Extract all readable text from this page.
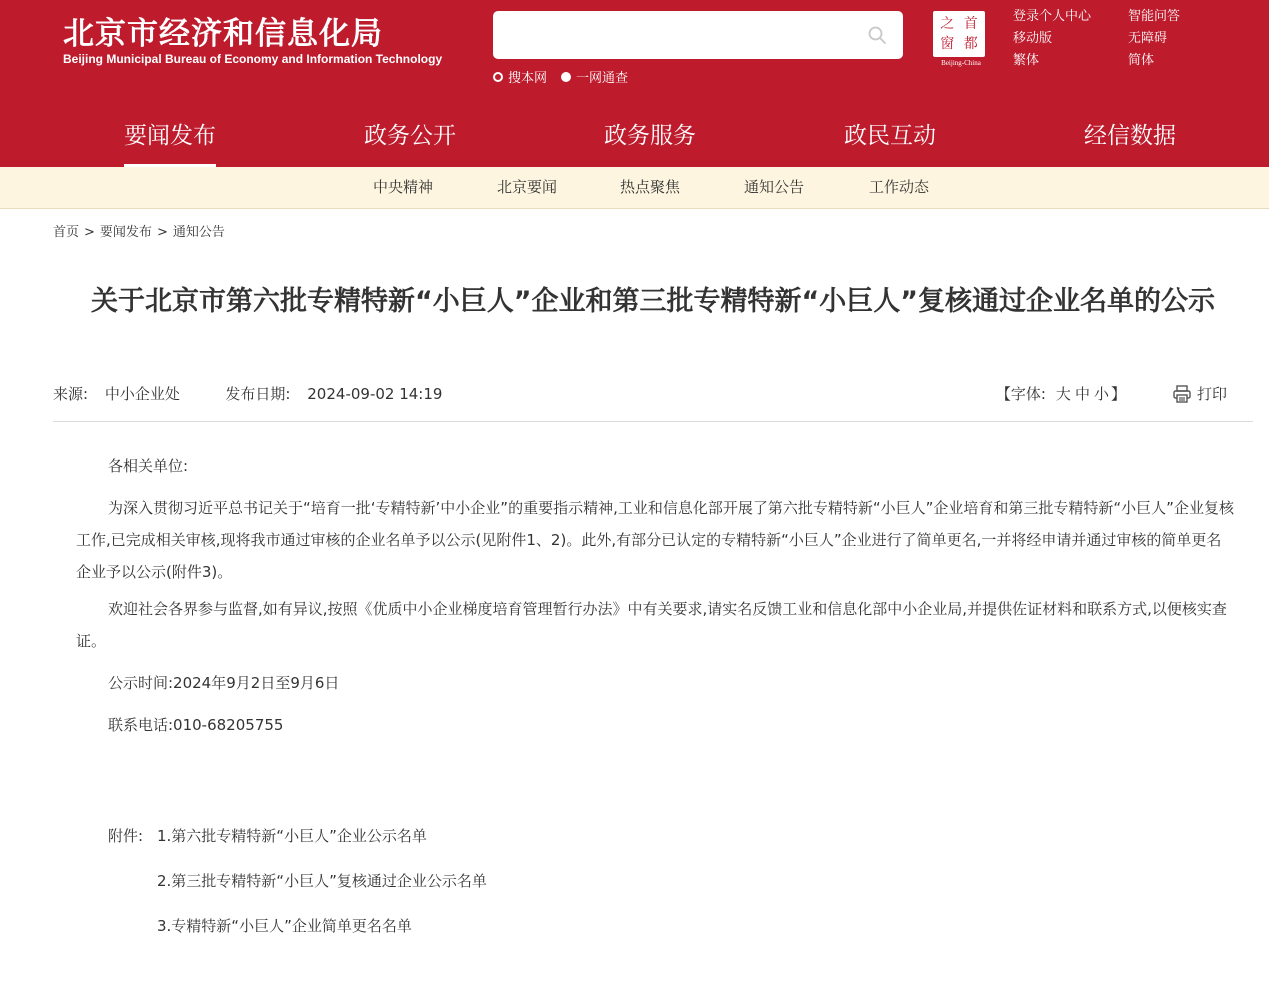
北京市经济和信息化局
Beijing Municipal Bureau of Economy and Information Technology
搜本网 一网通查
之 首
窗 都
Beijing-China
登录个人中心	智能问答
移动版	无障碍
繁体	简体
要闻发布	政务公开	政务服务	政民互动	经信数据
中央精神	北京要闻	热点聚焦	通知公告	工作动态
首页 > 要闻发布 > 通知公告
关于北京市第六批专精特新“小巨人”企业和第三批专精特新“小巨人”复核通过企业名单的公示
来源: 中小企业处	发布日期: 2024-09-02 14:19	【字体: 大 中 小 】	打印

各相关单位:

为深入贯彻习近平总书记关于“培育一批‘专精特新’中小企业”的重要指示精神,工业和信息化部开展了第六批专精特新“小巨人”企业培育和第三批专精特新“小巨人”企业复核工作,已完成相关审核,现将我市通过审核的企业名单予以公示(见附件1、2)。此外,有部分已认定的专精特新“小巨人”企业进行了简单更名,一并将经申请并通过审核的简单更名企业予以公示(附件3)。

欢迎社会各界参与监督,如有异议,按照《优质中小企业梯度培育管理暂行办法》中有关要求,请实名反馈工业和信息化部中小企业局,并提供佐证材料和联系方式,以便核实查证。

公示时间:2024年9月2日至9月6日

联系电话:010-68205755

附件: 1.第六批专精特新“小巨人”企业公示名单
2.第三批专精特新“小巨人”复核通过企业公示名单
3.专精特新“小巨人”企业简单更名名单
